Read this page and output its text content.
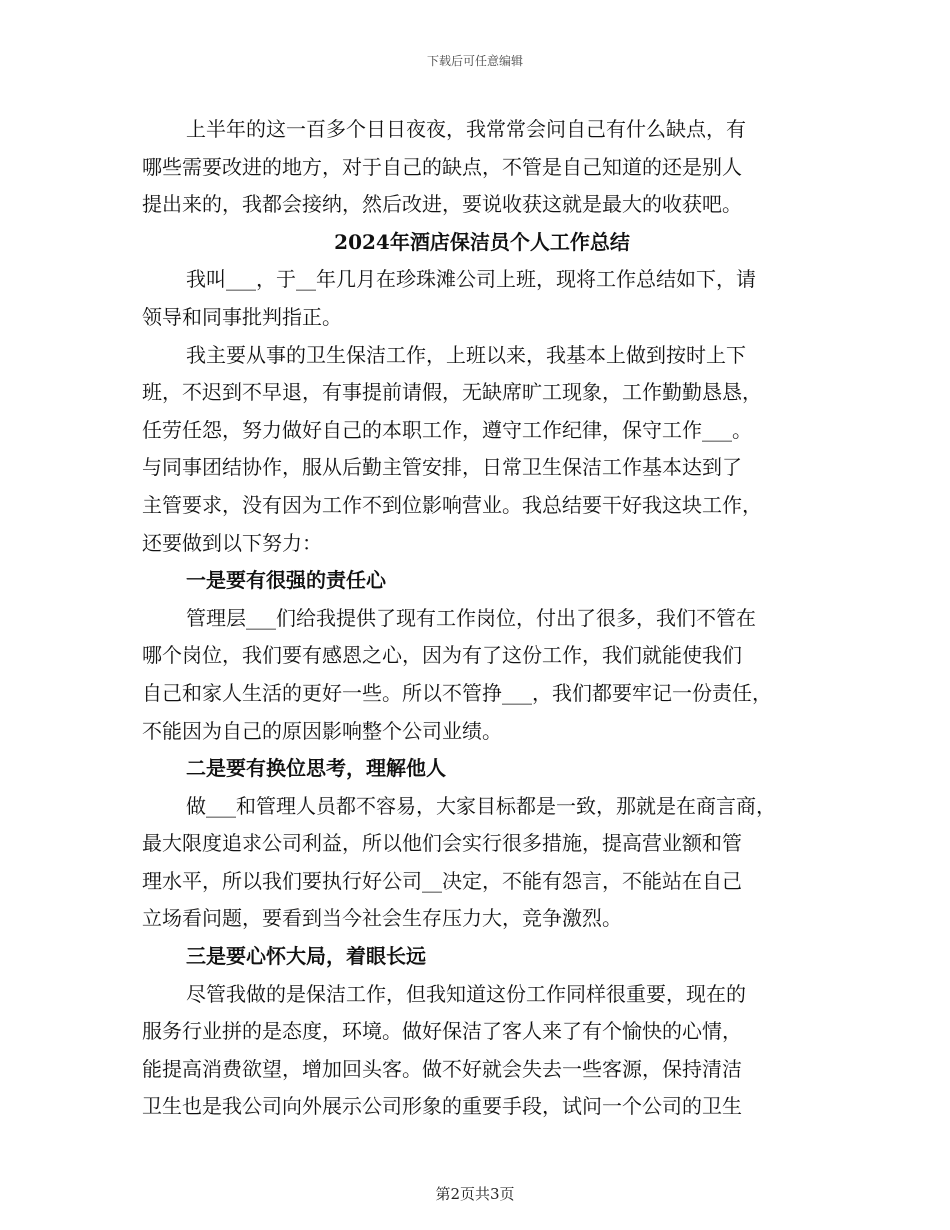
下载后可任意编辑
上半年的这一百多个日日夜夜，我常常会问自己有什么缺点，有
哪些需要改进的地方，对于自己的缺点，不管是自己知道的还是别人
提出来的，我都会接纳，然后改进，要说收获这就是最大的收获吧。
2024年酒店保洁员个人工作总结
我叫___，于__年几月在珍珠滩公司上班，现将工作总结如下，请
领导和同事批判指正。
我主要从事的卫生保洁工作，上班以来，我基本上做到按时上下
班，不迟到不早退，有事提前请假，无缺席旷工现象，工作勤勤恳恳，
任劳任怨，努力做好自己的本职工作，遵守工作纪律，保守工作___。
与同事团结协作，服从后勤主管安排，日常卫生保洁工作基本达到了
主管要求，没有因为工作不到位影响营业。我总结要干好我这块工作，
还要做到以下努力：
一是要有很强的责任心
管理层___们给我提供了现有工作岗位，付出了很多，我们不管在
哪个岗位，我们要有感恩之心，因为有了这份工作，我们就能使我们
自己和家人生活的更好一些。所以不管挣___，我们都要牢记一份责任，
不能因为自己的原因影响整个公司业绩。
二是要有换位思考，理解他人
做___和管理人员都不容易，大家目标都是一致，那就是在商言商，
最大限度追求公司利益，所以他们会实行很多措施，提高营业额和管
理水平，所以我们要执行好公司__决定，不能有怨言，不能站在自己
立场看问题，要看到当今社会生存压力大，竞争激烈。
三是要心怀大局，着眼长远
尽管我做的是保洁工作，但我知道这份工作同样很重要，现在的
服务行业拼的是态度，环境。做好保洁了客人来了有个愉快的心情，
能提高消费欲望，增加回头客。做不好就会失去一些客源，保持清洁
卫生也是我公司向外展示公司形象的重要手段，试问一个公司的卫生
第2页共3页
